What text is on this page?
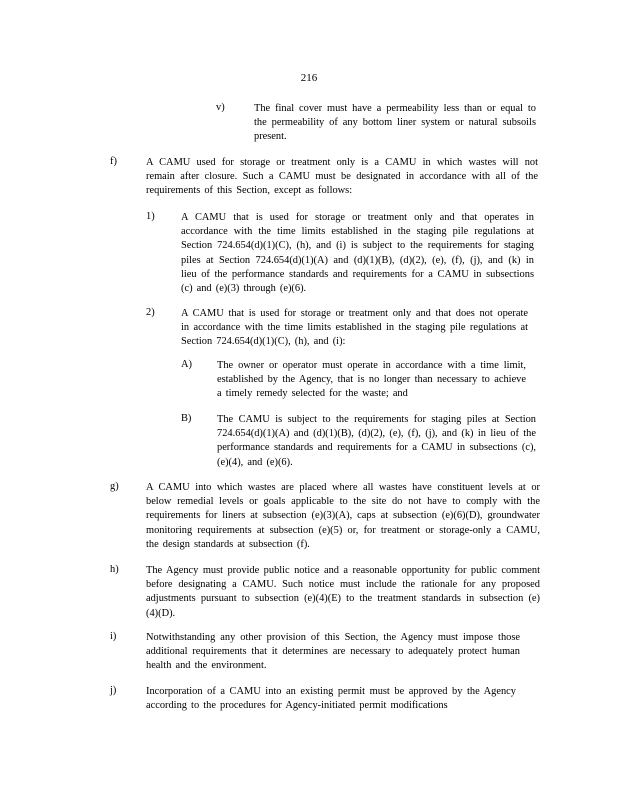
216
v)	The final cover must have a permeability less than or equal to the permeability of any bottom liner system or natural subsoils present.
f)	A CAMU used for storage or treatment only is a CAMU in which wastes will not remain after closure. Such a CAMU must be designated in accordance with all of the requirements of this Section, except as follows:
1)	A CAMU that is used for storage or treatment only and that operates in accordance with the time limits established in the staging pile regulations at Section 724.654(d)(1)(C), (h), and (i) is subject to the requirements for staging piles at Section 724.654(d)(1)(A) and (d)(1)(B), (d)(2), (e), (f), (j), and (k) in lieu of the performance standards and requirements for a CAMU in subsections (c) and (e)(3) through (e)(6).
2)	A CAMU that is used for storage or treatment only and that does not operate in accordance with the time limits established in the staging pile regulations at Section 724.654(d)(1)(C), (h), and (i):
A) The owner or operator must operate in accordance with a time limit, established by the Agency, that is no longer than necessary to achieve a timely remedy selected for the waste; and
B) The CAMU is subject to the requirements for staging piles at Section 724.654(d)(1)(A) and (d)(1)(B), (d)(2), (e), (f), (j), and (k) in lieu of the performance standards and requirements for a CAMU in subsections (c), (e)(4), and (e)(6).
g)	A CAMU into which wastes are placed where all wastes have constituent levels at or below remedial levels or goals applicable to the site do not have to comply with the requirements for liners at subsection (e)(3)(A), caps at subsection (e)(6)(D), groundwater monitoring requirements at subsection (e)(5) or, for treatment or storage-only a CAMU, the design standards at subsection (f).
h)	The Agency must provide public notice and a reasonable opportunity for public comment before designating a CAMU. Such notice must include the rationale for any proposed adjustments pursuant to subsection (e)(4)(E) to the treatment standards in subsection (e)(4)(D).
i)	Notwithstanding any other provision of this Section, the Agency must impose those additional requirements that it determines are necessary to adequately protect human health and the environment.
j)	Incorporation of a CAMU into an existing permit must be approved by the Agency according to the procedures for Agency-initiated permit modifications
